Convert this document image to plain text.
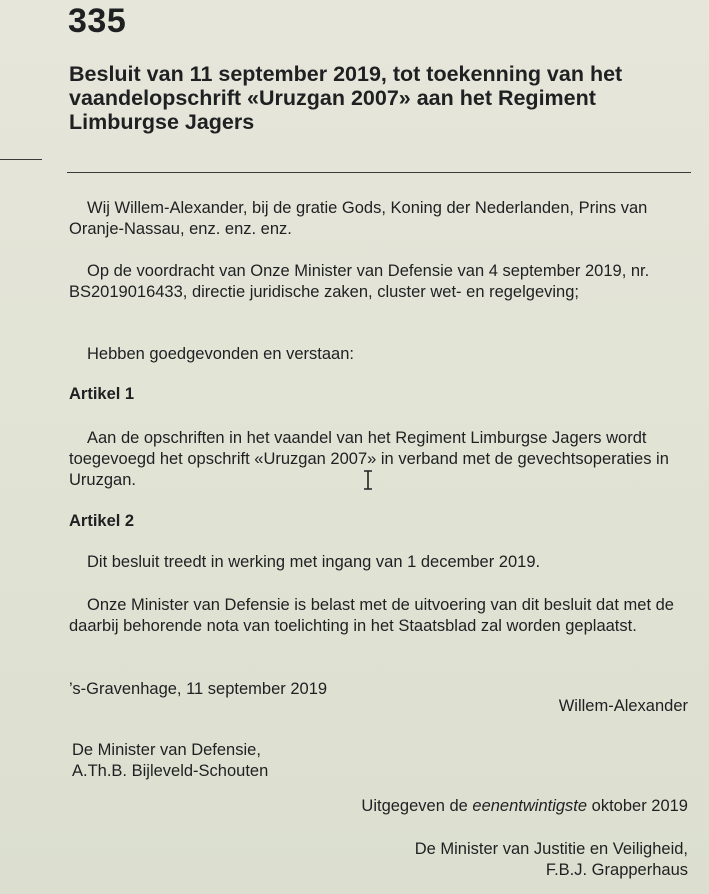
335
Besluit van 11 september 2019, tot toekenning van het vaandelopschrift «Uruzgan 2007» aan het Regiment Limburgse Jagers

Wij Willem-Alexander, bij de gratie Gods, Koning der Nederlanden, Prins van Oranje-Nassau, enz. enz. enz.

Op de voordracht van Onze Minister van Defensie van 4 september 2019, nr. BS2019016433, directie juridische zaken, cluster wet- en regelgeving;

Hebben goedgevonden en verstaan:

Artikel 1

Aan de opschriften in het vaandel van het Regiment Limburgse Jagers wordt toegevoegd het opschrift «Uruzgan 2007» in verband met de gevechtsoperaties in Uruzgan.

Artikel 2

Dit besluit treedt in werking met ingang van 1 december 2019.

Onze Minister van Defensie is belast met de uitvoering van dit besluit dat met de daarbij behorende nota van toelichting in het Staatsblad zal worden geplaatst.

’s-Gravenhage, 11 september 2019

Willem-Alexander

De Minister van Defensie,

A.Th.B. Bijleveld-Schouten

Uitgegeven de eenentwintigste oktober 2019

De Minister van Justitie en Veiligheid,

F.B.J. Grapperhaus
